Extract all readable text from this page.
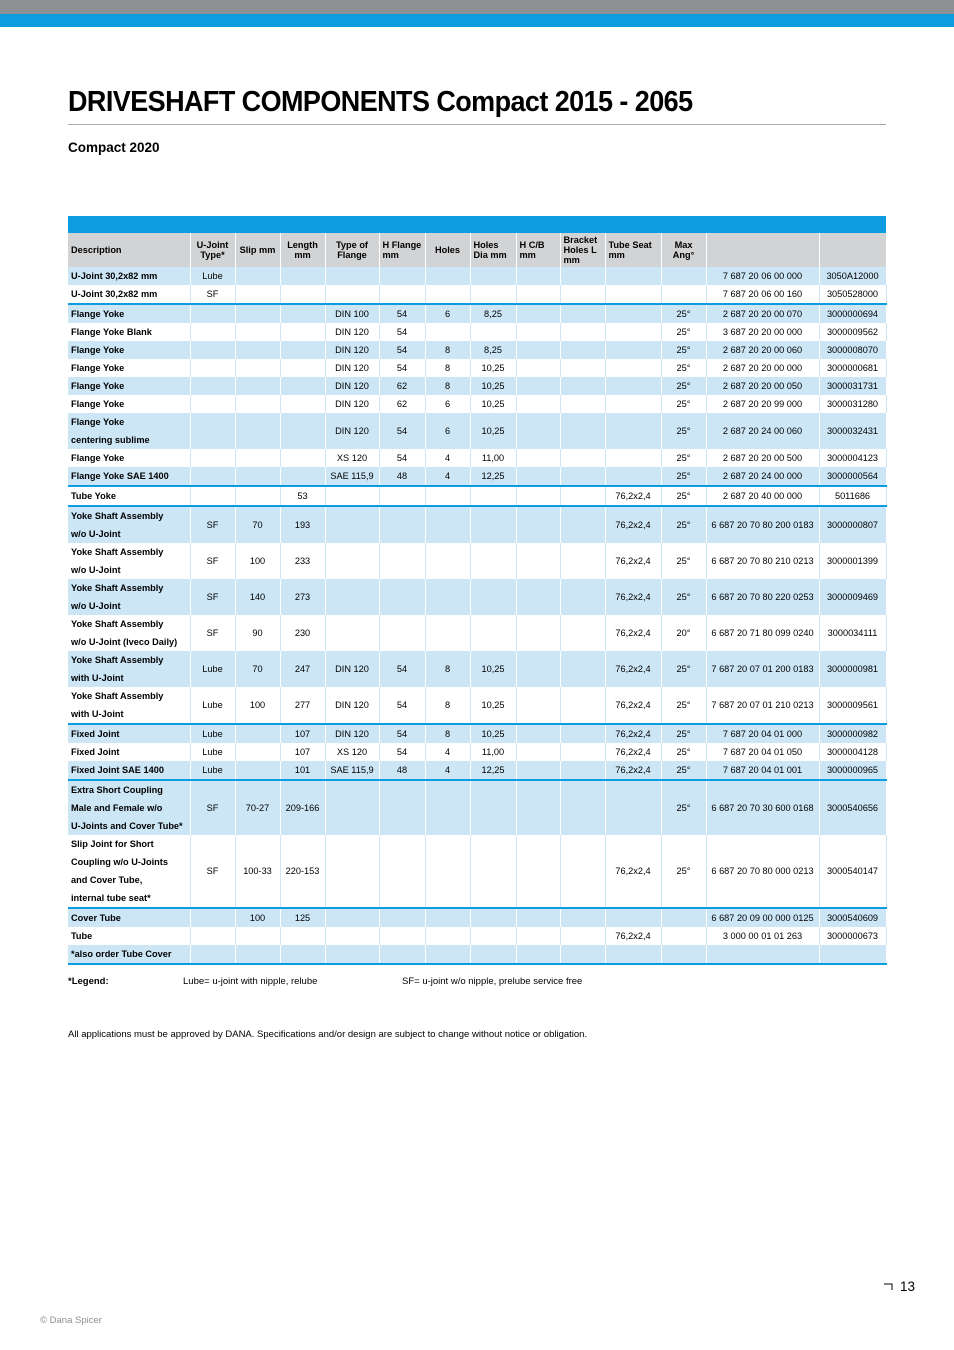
DRIVESHAFT COMPONENTS Compact 2015 - 2065
Compact 2020

Description	U-Joint Type*	Slip mm	Length mm	Type of Flange	H Flange mm	Holes	Holes Dia mm	H C/B mm	Bracket Holes L mm	Tube Seat mm	Max Ang°		

U-Joint 30,2x82 mm	Lube											7 687 20 06 00 000	3050A12000

U-Joint 30,2x82 mm	SF											7 687 20 06 00 160	3050528000

Flange Yoke				DIN 100	54	6	8,25				25°	2 687 20 20 00 070	3000000694

Flange Yoke Blank				DIN 120	54						25°	3 687 20 20 00 000	3000009562

Flange Yoke				DIN 120	54	8	8,25				25°	2 687 20 20 00 060	3000008070

Flange Yoke				DIN 120	54	8	10,25				25°	2 687 20 20 00 000	3000000681

Flange Yoke				DIN 120	62	8	10,25				25°	2 687 20 20 00 050	3000031731

Flange Yoke				DIN 120	62	6	10,25				25°	2 687 20 20 99 000	3000031280

Flange Yoke
centering sublime				DIN 120	54	6	10,25				25°	2 687 20 24 00 060	3000032431

Flange Yoke				XS 120	54	4	11,00				25°	2 687 20 20 00 500	3000004123

Flange Yoke SAE 1400				SAE 115,9	48	4	12,25				25°	2 687 20 24 00 000	3000000564

Tube Yoke			53							76,2x2,4	25°	2 687 20 40 00 000	5011686

Yoke Shaft Assembly
w/o U-Joint	SF	70	193							76,2x2,4	25°	6 687 20 70 80 200 0183	3000000807

Yoke Shaft Assembly
w/o U-Joint	SF	100	233							76,2x2,4	25°	6 687 20 70 80 210 0213	3000001399

Yoke Shaft Assembly
w/o U-Joint	SF	140	273							76,2x2,4	25°	6 687 20 70 80 220 0253	3000009469

Yoke Shaft Assembly
w/o U-Joint (Iveco Daily)	SF	90	230							76,2x2,4	20°	6 687 20 71 80 099 0240	3000034111

Yoke Shaft Assembly
with U-Joint	Lube	70	247	DIN 120	54	8	10,25			76,2x2,4	25°	7 687 20 07 01 200 0183	3000000981

Yoke Shaft Assembly
with U-Joint	Lube	100	277	DIN 120	54	8	10,25			76,2x2,4	25°	7 687 20 07 01 210 0213	3000009561

Fixed Joint	Lube		107	DIN 120	54	8	10,25			76,2x2,4	25°	7 687 20 04 01 000	3000000982

Fixed Joint	Lube		107	XS 120	54	4	11,00			76,2x2,4	25°	7 687 20 04 01 050	3000004128

Fixed Joint SAE 1400	Lube		101	SAE 115,9	48	4	12,25			76,2x2,4	25°	7 687 20 04 01 001	3000000965

Extra Short Coupling
Male and Female w/o
U-Joints and Cover Tube*	SF	70-27	209-166								25°	6 687 20 70 30 600 0168	3000540656

Slip Joint for Short
Coupling w/o U-Joints
and Cover Tube,
internal tube seat*	SF	100-33	220-153							76,2x2,4	25°	6 687 20 70 80 000 0213	3000540147

Cover Tube		100	125									6 687 20 09 00 000 0125	3000540609

Tube										76,2x2,4		3 000 00 01 01 263	3000000673

*also order Tube Cover													

*Legend:	Lube= u-joint with nipple, relube	SF= u-joint w/o nipple, prelube service free
All applications must be approved by DANA. Specifications and/or design are subject to change without notice or obligation.
13
© Dana Spicer
